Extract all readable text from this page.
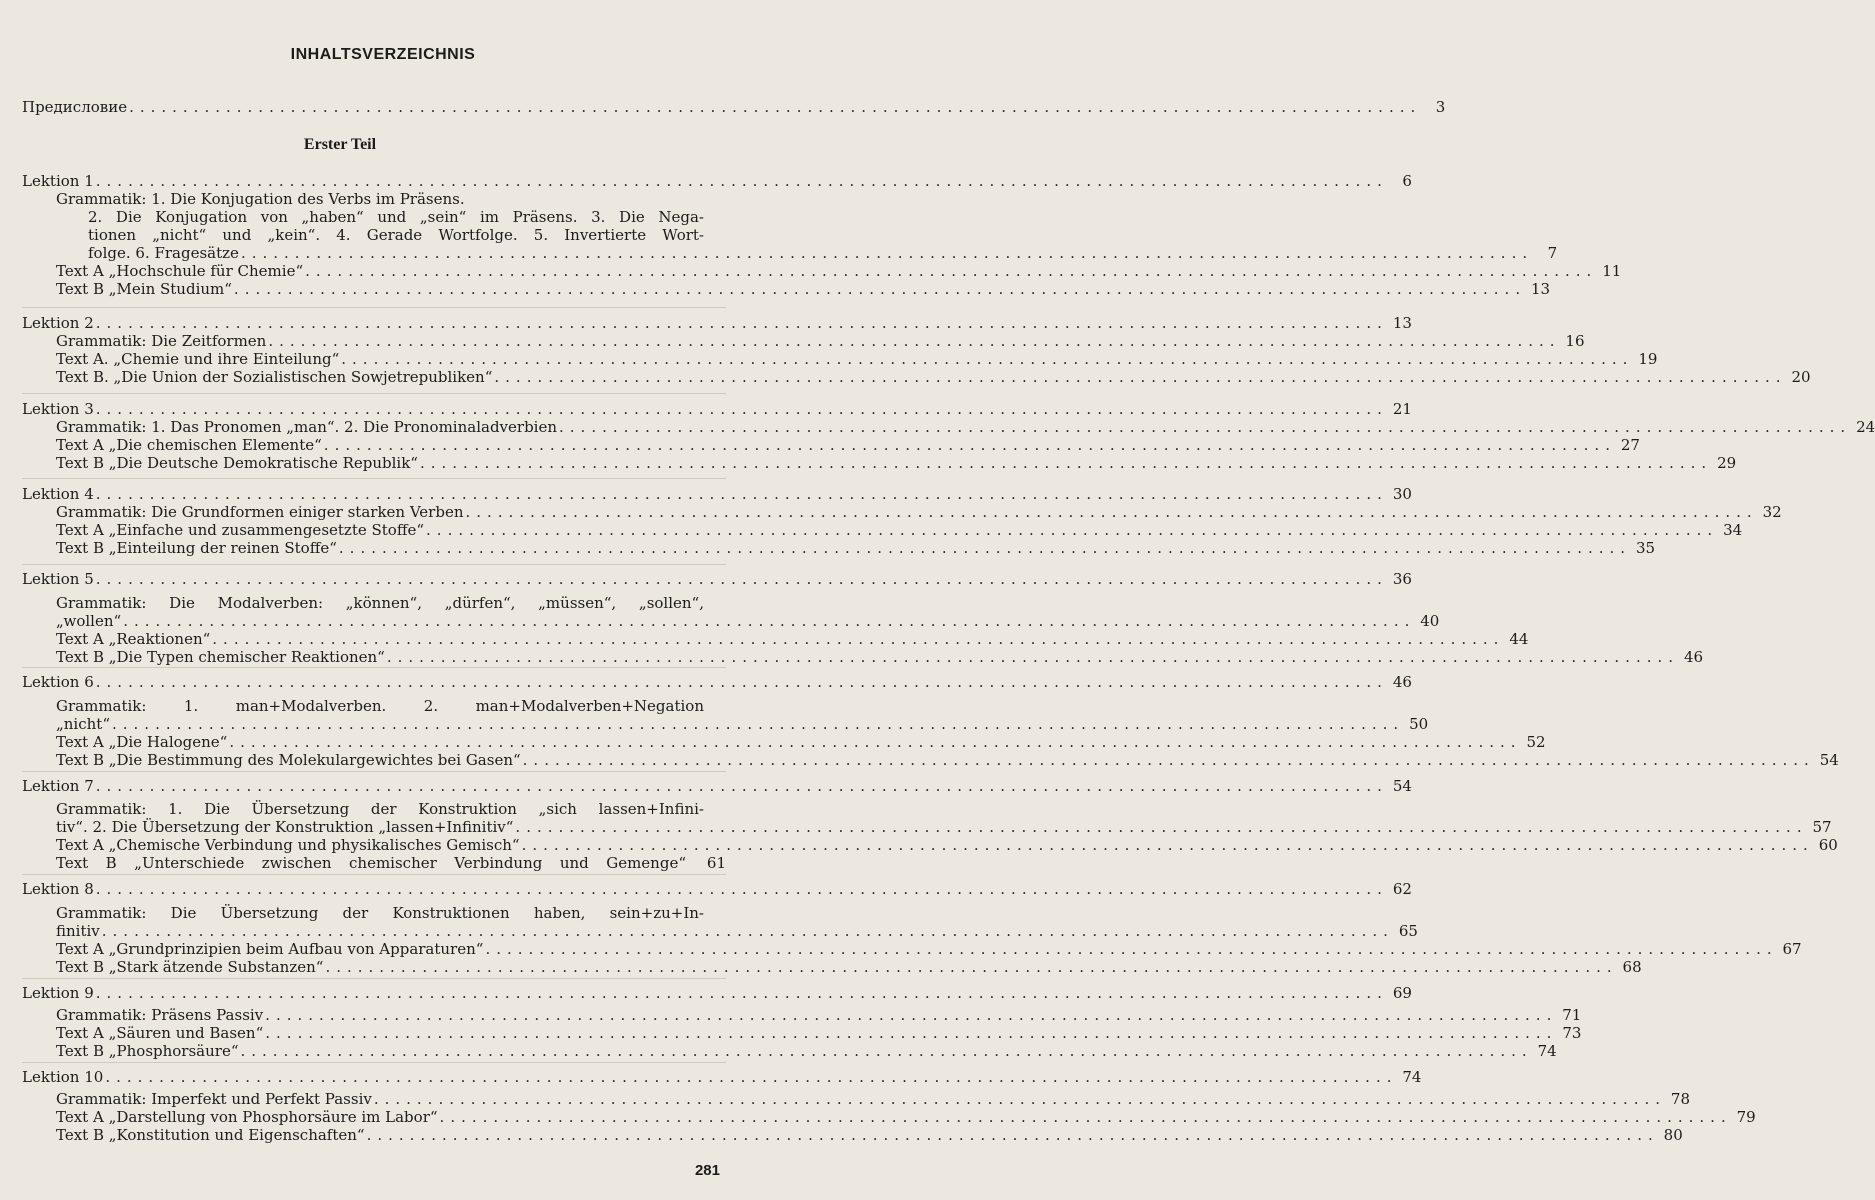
INHALTSVERZEICHNIS
Erster Teil
Предисловие ........................................................................................................................ 3
Lektion 1 ........................................................................................................................ 6
Grammatik: 1. Die Konjugation des Verbs im Präsens.
2. Die Konjugation von „haben“ und „sein“ im Präsens. 3. Die Nega-
tionen „nicht“ und „kein“. 4. Gerade Wortfolge. 5. Invertierte Wort-
folge. 6. Fragesätze ........................................................................................................................ 7
Text A „Hochschule für Chemie“ ........................................................................................................................ 11
Text B „Mein Studium“ ........................................................................................................................ 13
Lektion 2 ........................................................................................................................ 13
Grammatik: Die Zeitformen ........................................................................................................................ 16
Text A. „Chemie und ihre Einteilung“ ........................................................................................................................ 19
Text B. „Die Union der Sozialistischen Sowjetrepubliken“ ........................................................................................................................ 20
Lektion 3 ........................................................................................................................ 21
Grammatik: 1. Das Pronomen „man“. 2. Die Pronominaladverbien ........................................................................................................................ 24
Text A „Die chemischen Elemente“ ........................................................................................................................ 27
Text B „Die Deutsche Demokratische Republik“ ........................................................................................................................ 29
Lektion 4 ........................................................................................................................ 30
Grammatik: Die Grundformen einiger starken Verben ........................................................................................................................ 32
Text A „Einfache und zusammengesetzte Stoffe“ ........................................................................................................................ 34
Text B „Einteilung der reinen Stoffe“ ........................................................................................................................ 35
Lektion 5 ........................................................................................................................ 36
Grammatik: Die Modalverben: „können“, „dürfen“, „müssen“, „sollen“,
„wollen“ ........................................................................................................................ 40
Text A „Reaktionen“ ........................................................................................................................ 44
Text B „Die Typen chemischer Reaktionen“ ........................................................................................................................ 46
Lektion 6 ........................................................................................................................ 46
Grammatik: 1. man+Modalverben. 2. man+Modalverben+Negation
„nicht“ ........................................................................................................................ 50
Text A „Die Halogene“ ........................................................................................................................ 52
Text B „Die Bestimmung des Molekulargewichtes bei Gasen“ ........................................................................................................................ 54
Lektion 7 ........................................................................................................................ 54
Grammatik: 1. Die Übersetzung der Konstruktion „sich lassen+Infini-
tiv“. 2. Die Übersetzung der Konstruktion „lassen+Infinitiv“ ........................................................................................................................ 57
Text A „Chemische Verbindung und physikalisches Gemisch“ ........................................................................................................................ 60
Text B „Unterschiede zwischen chemischer Verbindung und Gemenge“ 61
Lektion 8 ........................................................................................................................ 62
Grammatik: Die Übersetzung der Konstruktionen haben, sein+zu+In-
finitiv ........................................................................................................................ 65
Text A „Grundprinzipien beim Aufbau von Apparaturen“ ........................................................................................................................ 67
Text B „Stark ätzende Substanzen“ ........................................................................................................................ 68
Lektion 9 ........................................................................................................................ 69
Grammatik: Präsens Passiv ........................................................................................................................ 71
Text A „Säuren und Basen“ ........................................................................................................................ 73
Text B „Phosphorsäure“ ........................................................................................................................ 74
Lektion 10 ........................................................................................................................ 74
Grammatik: Imperfekt und Perfekt Passiv ........................................................................................................................ 78
Text A „Darstellung von Phosphorsäure im Labor“ ........................................................................................................................ 79
Text B „Konstitution und Eigenschaften“ ........................................................................................................................ 80
281
